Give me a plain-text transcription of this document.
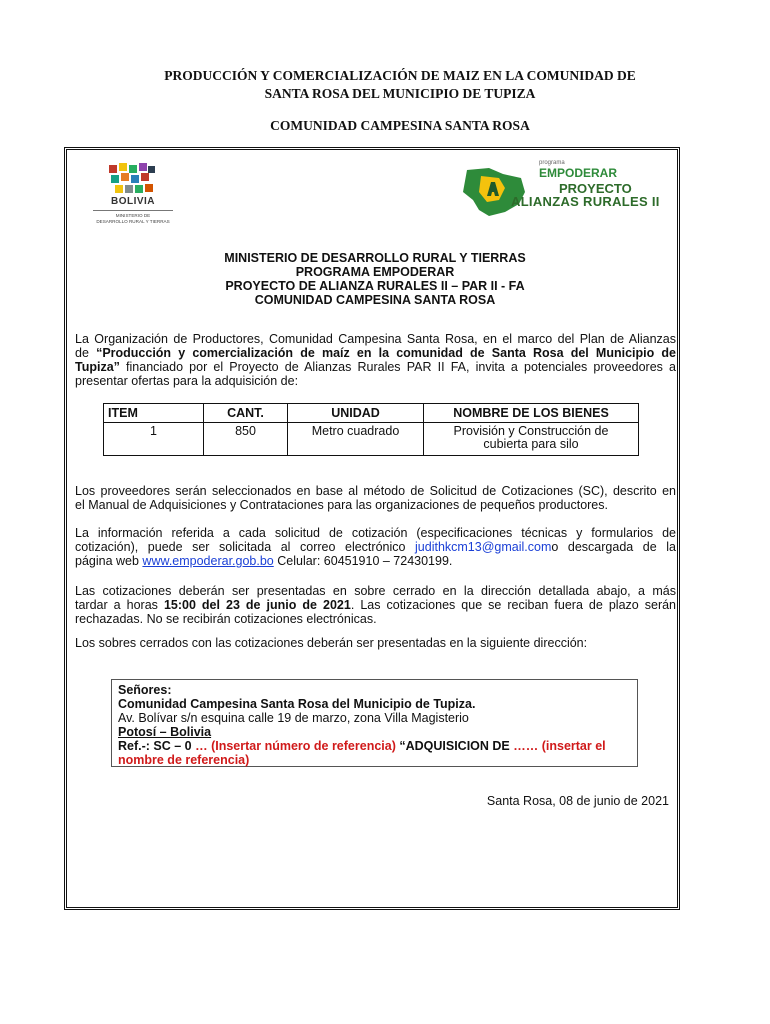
PRODUCCIÓN Y COMERCIALIZACIÓN DE MAIZ EN LA COMUNIDAD DE
SANTA ROSA DEL MUNICIPIO DE TUPIZA
COMUNIDAD CAMPESINA SANTA ROSA
BOLIVIA
MINISTERIO DE
DESARROLLO RURAL Y TIERRAS
programa
EMPODERAR
PROYECTO
ALIANZAS RURALES II
MINISTERIO DE DESARROLLO RURAL Y TIERRAS
PROGRAMA EMPODERAR
PROYECTO DE ALIANZA RURALES II – PAR II - FA
COMUNIDAD CAMPESINA SANTA ROSA
La Organización de Productores, Comunidad Campesina Santa Rosa, en el marco del Plan de Alianzas
de “Producción y comercialización de maíz en la comunidad de Santa Rosa del Municipio de
Tupiza” financiado por el Proyecto de Alianzas Rurales PAR II FA, invita a potenciales proveedores a
presentar ofertas para la adquisición de:
ITEM	CANT.	UNIDAD	NOMBRE DE LOS BIENES
1	850	Metro cuadrado	Provisión y Construcción de
cubierta para silo
Los proveedores serán seleccionados en base al método de Solicitud de Cotizaciones (SC), descrito en
el Manual de Adquisiciones y Contrataciones para las organizaciones de pequeños productores.
La información referida a cada solicitud de cotización (especificaciones técnicas y formularios de
cotización), puede ser solicitada al correo electrónico judithkcm13@gmail.como descargada de la
página web www.empoderar.gob.bo Celular: 60451910 – 72430199.
Las cotizaciones deberán ser presentadas en sobre cerrado en la dirección detallada abajo, a más
tardar a horas 15:00 del 23 de junio de 2021. Las cotizaciones que se reciban fuera de plazo serán
rechazadas. No se recibirán cotizaciones electrónicas.
Los sobres cerrados con las cotizaciones deberán ser presentadas en la siguiente dirección:
Señores:
Comunidad Campesina Santa Rosa del Municipio de Tupiza.
Av. Bolívar s/n esquina calle 19 de marzo, zona Villa Magisterio
Potosí – Bolivia
Ref.-: SC – 0 … (Insertar número de referencia) “ADQUISICION DE …… (insertar el
nombre de referencia)
Santa Rosa, 08 de junio de 2021
